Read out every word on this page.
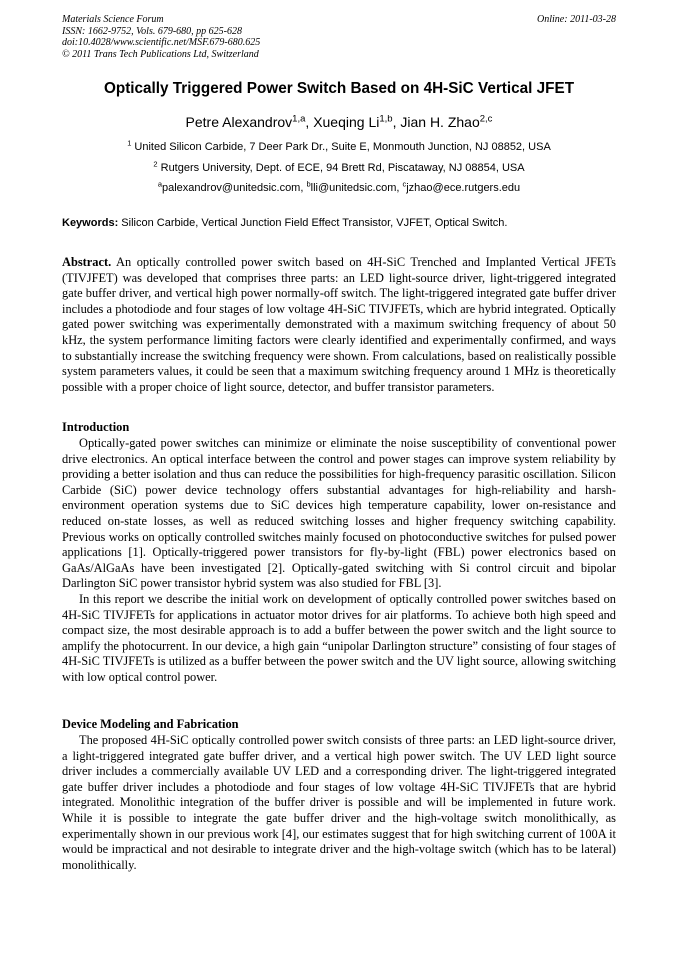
Materials Science Forum
ISSN: 1662-9752, Vols. 679-680, pp 625-628
doi:10.4028/www.scientific.net/MSF.679-680.625
© 2011 Trans Tech Publications Ltd, Switzerland
Online: 2011-03-28
Optically Triggered Power Switch Based on 4H-SiC Vertical JFET
Petre Alexandrov$^{1,a}$, Xueqing Li$^{1,b}$, Jian H. Zhao$^{2,c}$
$^1$ United Silicon Carbide, 7 Deer Park Dr., Suite E, Monmouth Junction, NJ 08852, USA
$^2$ Rutgers University, Dept. of ECE, 94 Brett Rd, Piscataway, NJ 08854, USA
$^a$palexandrov@unitedsic.com, $^b$lli@unitedsic.com, $^c$jzhao@ece.rutgers.edu
Keywords: Silicon Carbide, Vertical Junction Field Effect Transistor, VJFET, Optical Switch.

Abstract. An optically controlled power switch based on 4H-SiC Trenched and Implanted Vertical JFETs (TIVJFET) was developed that comprises three parts: an LED light-source driver, light-triggered integrated gate buffer driver, and vertical high power normally-off switch. The light-triggered integrated gate buffer driver includes a photodiode and four stages of low voltage 4H-SiC TIVJFETs, which are hybrid integrated. Optically gated power switching was experimentally demonstrated with a maximum switching frequency of about 50 kHz, the system performance limiting factors were clearly identified and experimentally confirmed, and ways to substantially increase the switching frequency were shown. From calculations, based on realistically possible system parameters values, it could be seen that a maximum switching frequency around 1 MHz is theoretically possible with a proper choice of light source, detector, and buffer transistor parameters.

Introduction

Optically-gated power switches can minimize or eliminate the noise susceptibility of conventional power drive electronics. An optical interface between the control and power stages can improve system reliability by providing a better isolation and thus can reduce the possibilities for high-frequency parasitic oscillation. Silicon Carbide (SiC) power device technology offers substantial advantages for high-reliability and harsh-environment operation systems due to SiC devices high temperature capability, lower on-resistance and reduced on-state losses, as well as reduced switching losses and higher frequency switching capability. Previous works on optically controlled switches mainly focused on photoconductive switches for pulsed power applications [1]. Optically-triggered power transistors for fly-by-light (FBL) power electronics based on GaAs/AlGaAs have been investigated [2]. Optically-gated switching with Si control circuit and bipolar Darlington SiC power transistor hybrid system was also studied for FBL [3].

In this report we describe the initial work on development of optically controlled power switches based on 4H-SiC TIVJFETs for applications in actuator motor drives for air platforms. To achieve both high speed and compact size, the most desirable approach is to add a buffer between the power switch and the light source to amplify the photocurrent. In our device, a high gain “unipolar Darlington structure” consisting of four stages of 4H-SiC TIVJFETs is utilized as a buffer between the power switch and the UV light source, allowing switching with low optical control power.

Device Modeling and Fabrication

The proposed 4H-SiC optically controlled power switch consists of three parts: an LED light-source driver, a light-triggered integrated gate buffer driver, and a vertical high power switch. The UV LED light source driver includes a commercially available UV LED and a corresponding driver. The light-triggered integrated gate buffer driver includes a photodiode and four stages of low voltage 4H-SiC TIVJFETs that are hybrid integrated. Monolithic integration of the buffer driver is possible and will be implemented in future work. While it is possible to integrate the gate buffer driver and the high-voltage switch monolithically, as experimentally shown in our previous work [4], our estimates suggest that for high switching current of 100A it would be impractical and not desirable to integrate driver and the high-voltage switch (which has to be lateral) monolithically.
